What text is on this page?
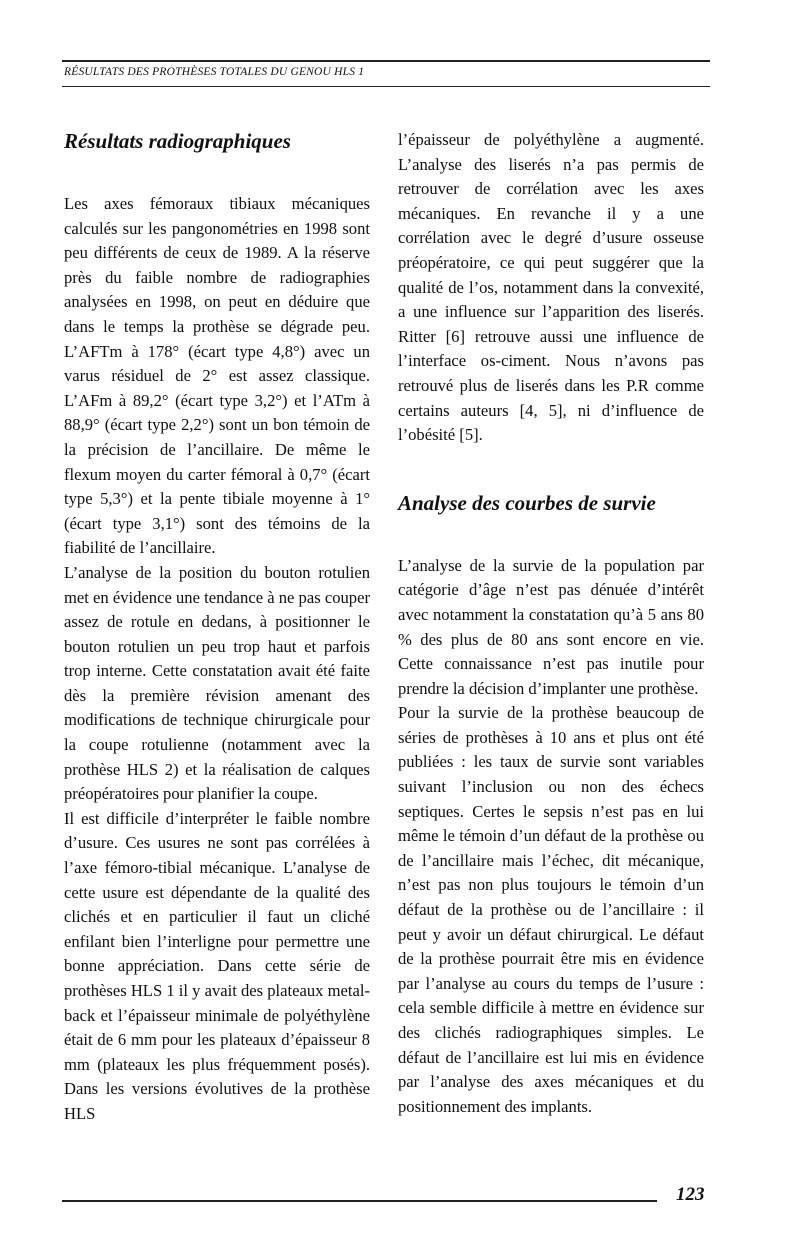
RÉSULTATS DES PROTHÈSES TOTALES DU GENOU HLS 1
Résultats radiographiques

Les axes fémoraux tibiaux mécaniques calculés sur les pangonométries en 1998 sont peu différents de ceux de 1989. A la réserve près du faible nombre de radiographies analysées en 1998, on peut en déduire que dans le temps la prothèse se dégrade peu. L’AFTm à 178° (écart type 4,8°) avec un varus résiduel de 2° est assez classique. L’AFm à 89,2° (écart type 3,2°) et l’ATm à 88,9° (écart type 2,2°) sont un bon témoin de la précision de l’ancillaire. De même le flexum moyen du carter fémoral à 0,7° (écart type 5,3°) et la pente tibiale moyenne à 1° (écart type 3,1°) sont des témoins de la fiabilité de l’ancillaire.

L’analyse de la position du bouton rotulien met en évidence une tendance à ne pas couper assez de rotule en dedans, à positionner le bouton rotulien un peu trop haut et parfois trop interne. Cette constatation avait été faite dès la première révision amenant des modifications de technique chirurgicale pour la coupe rotulienne (notamment avec la prothèse HLS 2) et la réalisation de calques préopératoires pour planifier la coupe.

Il est difficile d’interpréter le faible nombre d’usure. Ces usures ne sont pas corrélées à l’axe fémoro-tibial mécanique. L’analyse de cette usure est dépendante de la qualité des clichés et en particulier il faut un cliché enfilant bien l’interligne pour permettre une bonne appréciation. Dans cette série de prothèses HLS 1 il y avait des plateaux metal-back et l’épaisseur minimale de polyéthylène était de 6 mm pour les plateaux d’épaisseur 8 mm (plateaux les plus fréquemment posés). Dans les versions évolutives de la prothèse HLS

l’épaisseur de polyéthylène a augmenté. L’analyse des liserés n’a pas permis de retrouver de corrélation avec les axes mécaniques. En revanche il y a une corrélation avec le degré d’usure osseuse préopératoire, ce qui peut suggérer que la qualité de l’os, notamment dans la convexité, a une influence sur l’apparition des liserés. Ritter [6] retrouve aussi une influence de l’interface os-ciment. Nous n’avons pas retrouvé plus de liserés dans les P.R comme certains auteurs [4, 5], ni d’influence de l’obésité [5].

Analyse des courbes de survie

L’analyse de la survie de la population par catégorie d’âge n’est pas dénuée d’intérêt avec notamment la constatation qu’à 5 ans 80 % des plus de 80 ans sont encore en vie. Cette connaissance n’est pas inutile pour prendre la décision d’implanter une prothèse.

Pour la survie de la prothèse beaucoup de séries de prothèses à 10 ans et plus ont été publiées : les taux de survie sont variables suivant l’inclusion ou non des échecs septiques. Certes le sepsis n’est pas en lui même le témoin d’un défaut de la prothèse ou de l’ancillaire mais l’échec, dit mécanique, n’est pas non plus toujours le témoin d’un défaut de la prothèse ou de l’ancillaire : il peut y avoir un défaut chirurgical. Le défaut de la prothèse pourrait être mis en évidence par l’analyse au cours du temps de l’usure : cela semble difficile à mettre en évidence sur des clichés radiographiques simples. Le défaut de l’ancillaire est lui mis en évidence par l’analyse des axes mécaniques et du positionnement des implants.

123
